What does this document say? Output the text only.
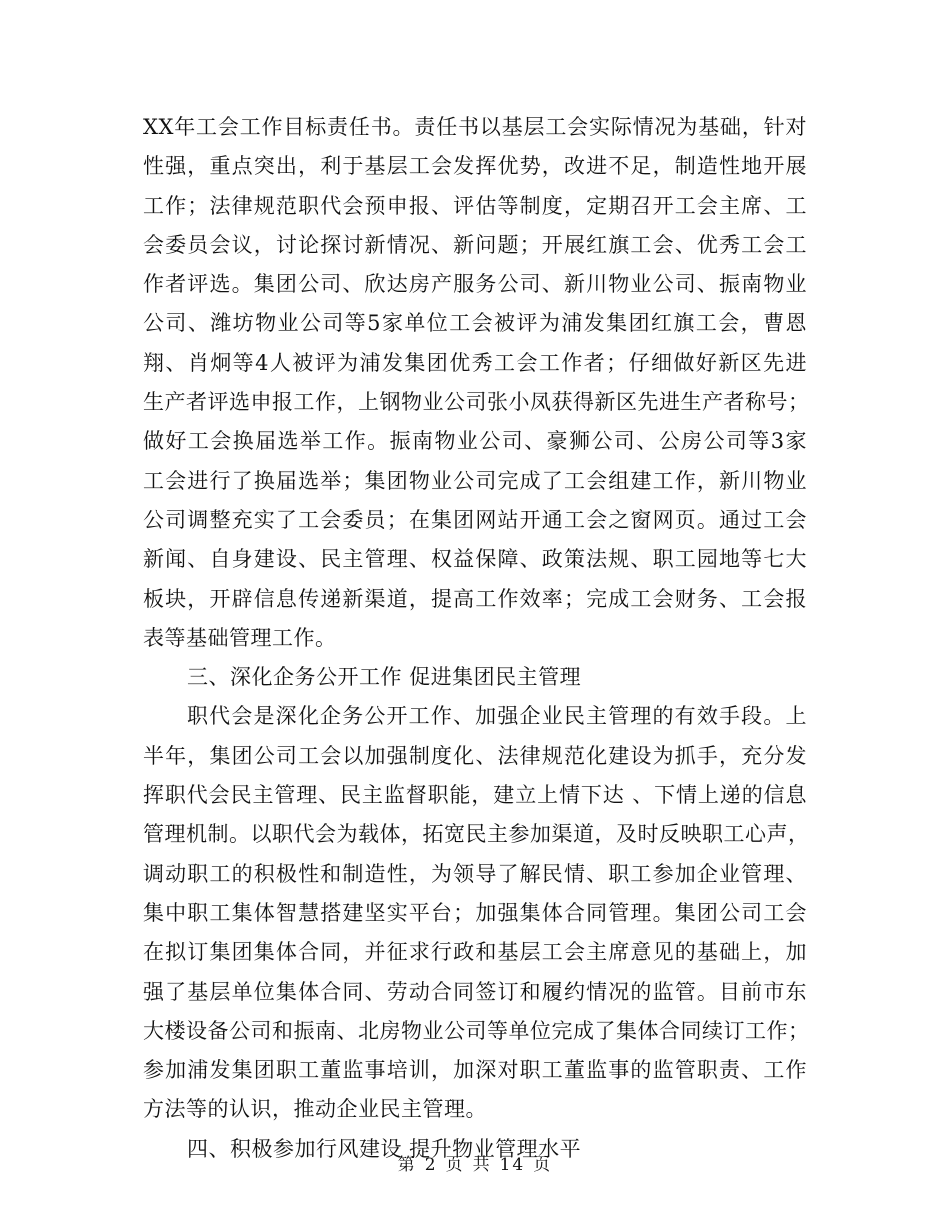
XX年工会工作目标责任书。责任书以基层工会实际情况为基础，针对
性强，重点突出，利于基层工会发挥优势，改进不足，制造性地开展
工作；法律规范职代会预申报、评估等制度，定期召开工会主席、工
会委员会议，讨论探讨新情况、新问题；开展红旗工会、优秀工会工
作者评选。集团公司、欣达房产服务公司、新川物业公司、振南物业
公司、潍坊物业公司等5家单位工会被评为浦发集团红旗工会，曹恩
翔、肖炯等4人被评为浦发集团优秀工会工作者；仔细做好新区先进
生产者评选申报工作，上钢物业公司张小凤获得新区先进生产者称号；
做好工会换届选举工作。振南物业公司、豪狮公司、公房公司等3家
工会进行了换届选举；集团物业公司完成了工会组建工作，新川物业
公司调整充实了工会委员；在集团网站开通工会之窗网页。通过工会
新闻、自身建设、民主管理、权益保障、政策法规、职工园地等七大
板块，开辟信息传递新渠道，提高工作效率；完成工会财务、工会报
表等基础管理工作。
三、深化企务公开工作 促进集团民主管理
职代会是深化企务公开工作、加强企业民主管理的有效手段。上
半年，集团公司工会以加强制度化、法律规范化建设为抓手，充分发
挥职代会民主管理、民主监督职能，建立上情下达 、下情上递的信息
管理机制。以职代会为载体，拓宽民主参加渠道，及时反映职工心声，
调动职工的积极性和制造性，为领导了解民情、职工参加企业管理、
集中职工集体智慧搭建坚实平台；加强集体合同管理。集团公司工会
在拟订集团集体合同，并征求行政和基层工会主席意见的基础上，加
强了基层单位集体合同、劳动合同签订和履约情况的监管。目前市东
大楼设备公司和振南、北房物业公司等单位完成了集体合同续订工作；
参加浦发集团职工董监事培训，加深对职工董监事的监管职责、工作
方法等的认识，推动企业民主管理。
四、积极参加行风建设 提升物业管理水平
第 2 页 共 14 页
